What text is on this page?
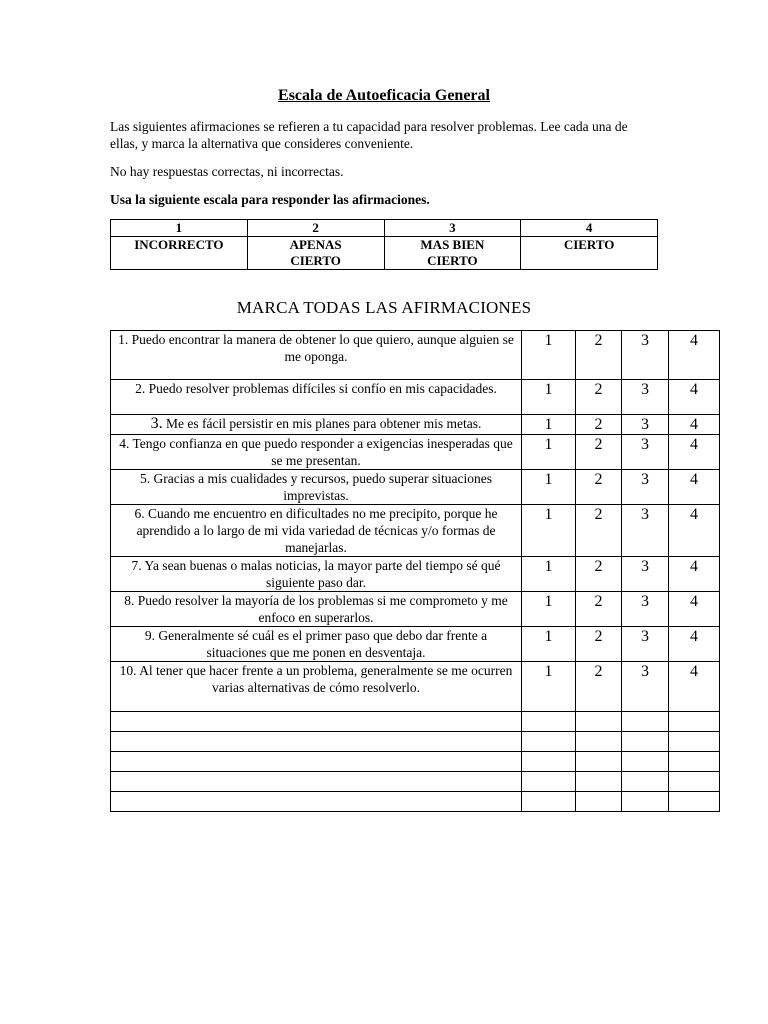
Escala de Autoeficacia General
Las siguientes afirmaciones se refieren a tu capacidad para resolver problemas. Lee cada una de ellas, y marca la alternativa que consideres conveniente.
No hay respuestas correctas, ni incorrectas.
Usa la siguiente escala para responder las afirmaciones.
1	2	3	4
INCORRECTO	APENAS CIERTO	MAS BIEN CIERTO	CIERTO
MARCA TODAS LAS AFIRMACIONES
1. Puedo encontrar la manera de obtener lo que quiero, aunque alguien se me oponga.	1	2	3	4
2. Puedo resolver problemas difíciles si confío en mis capacidades.	1	2	3	4
3. Me es fácil persistir en mis planes para obtener mis metas.	1	2	3	4
4. Tengo confianza en que puedo responder a exigencias inesperadas que se me presentan.	1	2	3	4
5. Gracias a mis cualidades y recursos, puedo superar situaciones imprevistas.	1	2	3	4
6. Cuando me encuentro en dificultades no me precipito, porque he aprendido a lo largo de mi vida variedad de técnicas y/o formas de manejarlas.	1	2	3	4
7. Ya sean buenas o malas noticias, la mayor parte del tiempo sé qué siguiente paso dar.	1	2	3	4
8. Puedo resolver la mayoría de los problemas si me comprometo y me enfoco en superarlos.	1	2	3	4
9. Generalmente sé cuál es el primer paso que debo dar frente a situaciones que me ponen en desventaja.	1	2	3	4
10. Al tener que hacer frente a un problema, generalmente se me ocurren varias alternativas de cómo resolverlo.	1	2	3	4
